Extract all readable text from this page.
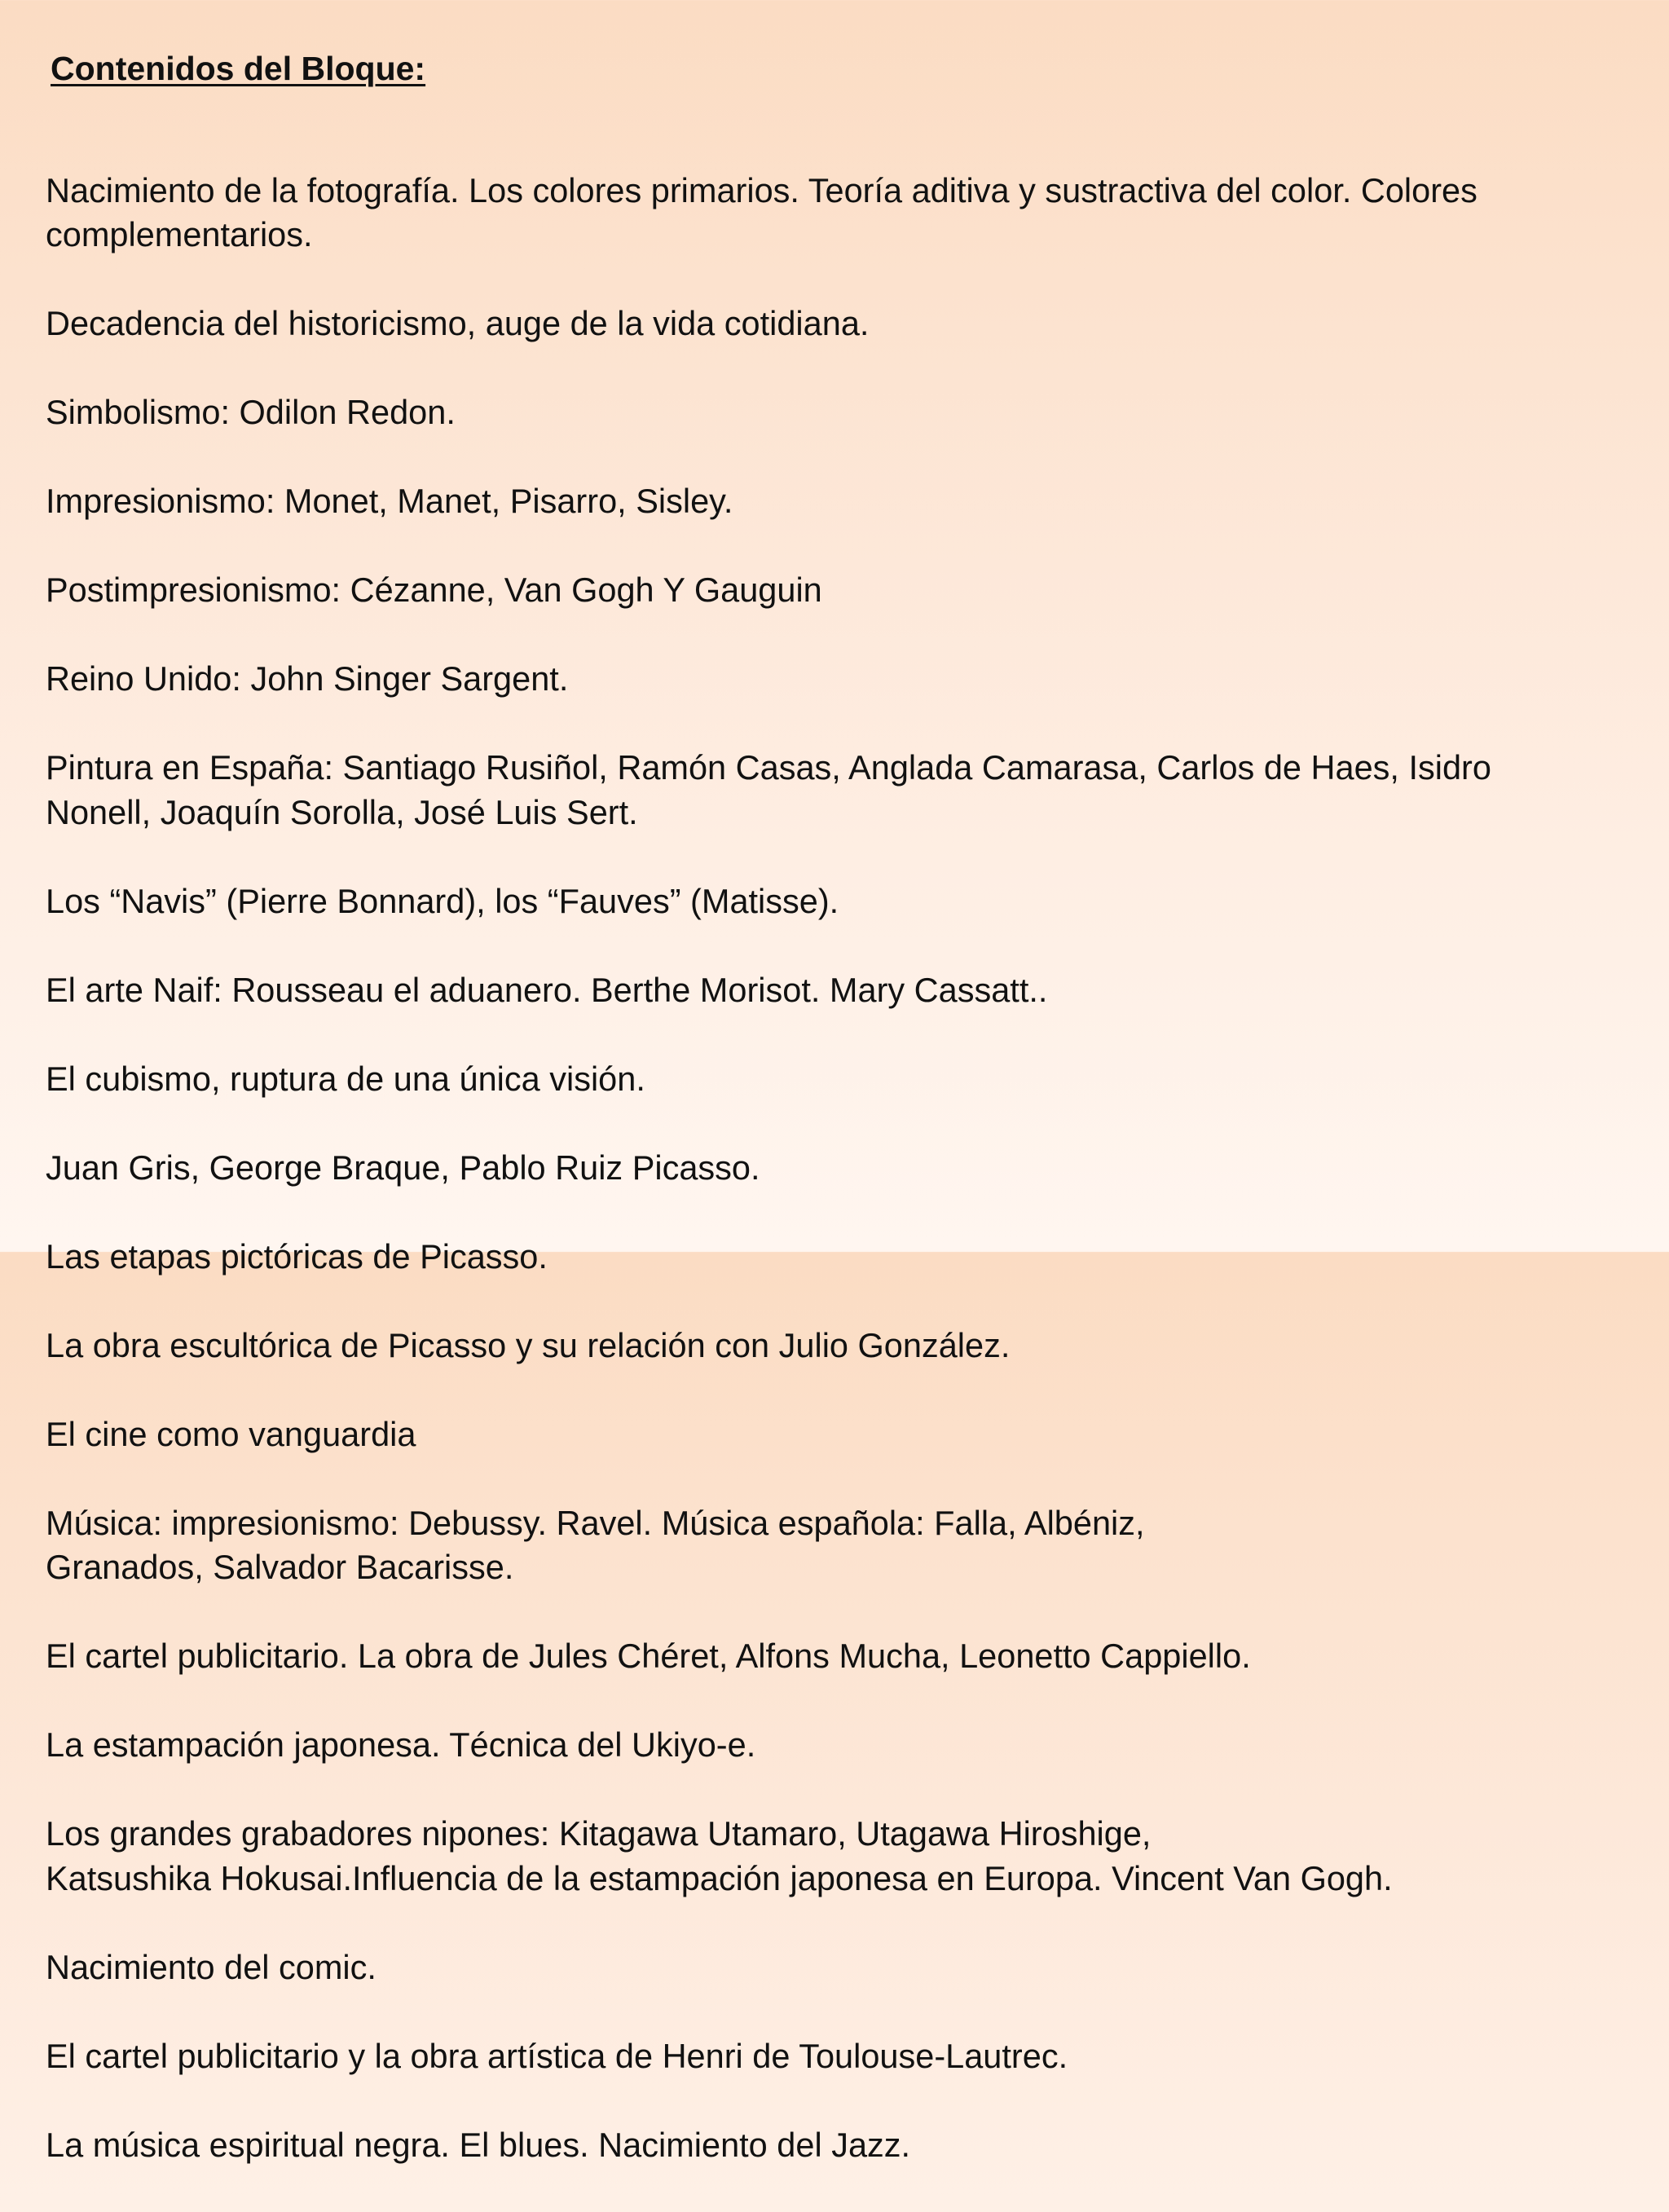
Contenidos del Bloque:

Nacimiento de la fotografía. Los colores primarios. Teoría aditiva y sustractiva del color. Colores
complementarios.

Decadencia del historicismo, auge de la vida cotidiana.

Simbolismo: Odilon Redon.

Impresionismo: Monet, Manet, Pisarro, Sisley.

Postimpresionismo: Cézanne, Van Gogh Y Gauguin

Reino Unido: John Singer Sargent.

Pintura en España: Santiago Rusiñol, Ramón Casas, Anglada Camarasa, Carlos de Haes, Isidro
Nonell, Joaquín Sorolla, José Luis Sert.

Los “Navis” (Pierre Bonnard), los “Fauves” (Matisse).

El arte Naif: Rousseau el aduanero. Berthe Morisot. Mary Cassatt..

El cubismo, ruptura de una única visión.

Juan Gris, George Braque, Pablo Ruiz Picasso.

Las etapas pictóricas de Picasso.

La obra escultórica de Picasso y su relación con Julio González.

El cine como vanguardia

Música: impresionismo: Debussy. Ravel. Música española: Falla, Albéniz,
Granados, Salvador Bacarisse.

El cartel publicitario. La obra de Jules Chéret, Alfons Mucha, Leonetto Cappiello.

La estampación japonesa. Técnica del Ukiyo-e.

Los grandes grabadores nipones: Kitagawa Utamaro, Utagawa Hiroshige,
Katsushika Hokusai.Influencia de la estampación japonesa en Europa. Vincent Van Gogh.

Nacimiento del comic.

El cartel publicitario y la obra artística de Henri de Toulouse-Lautrec.

La música espiritual negra. El blues. Nacimiento del Jazz.
